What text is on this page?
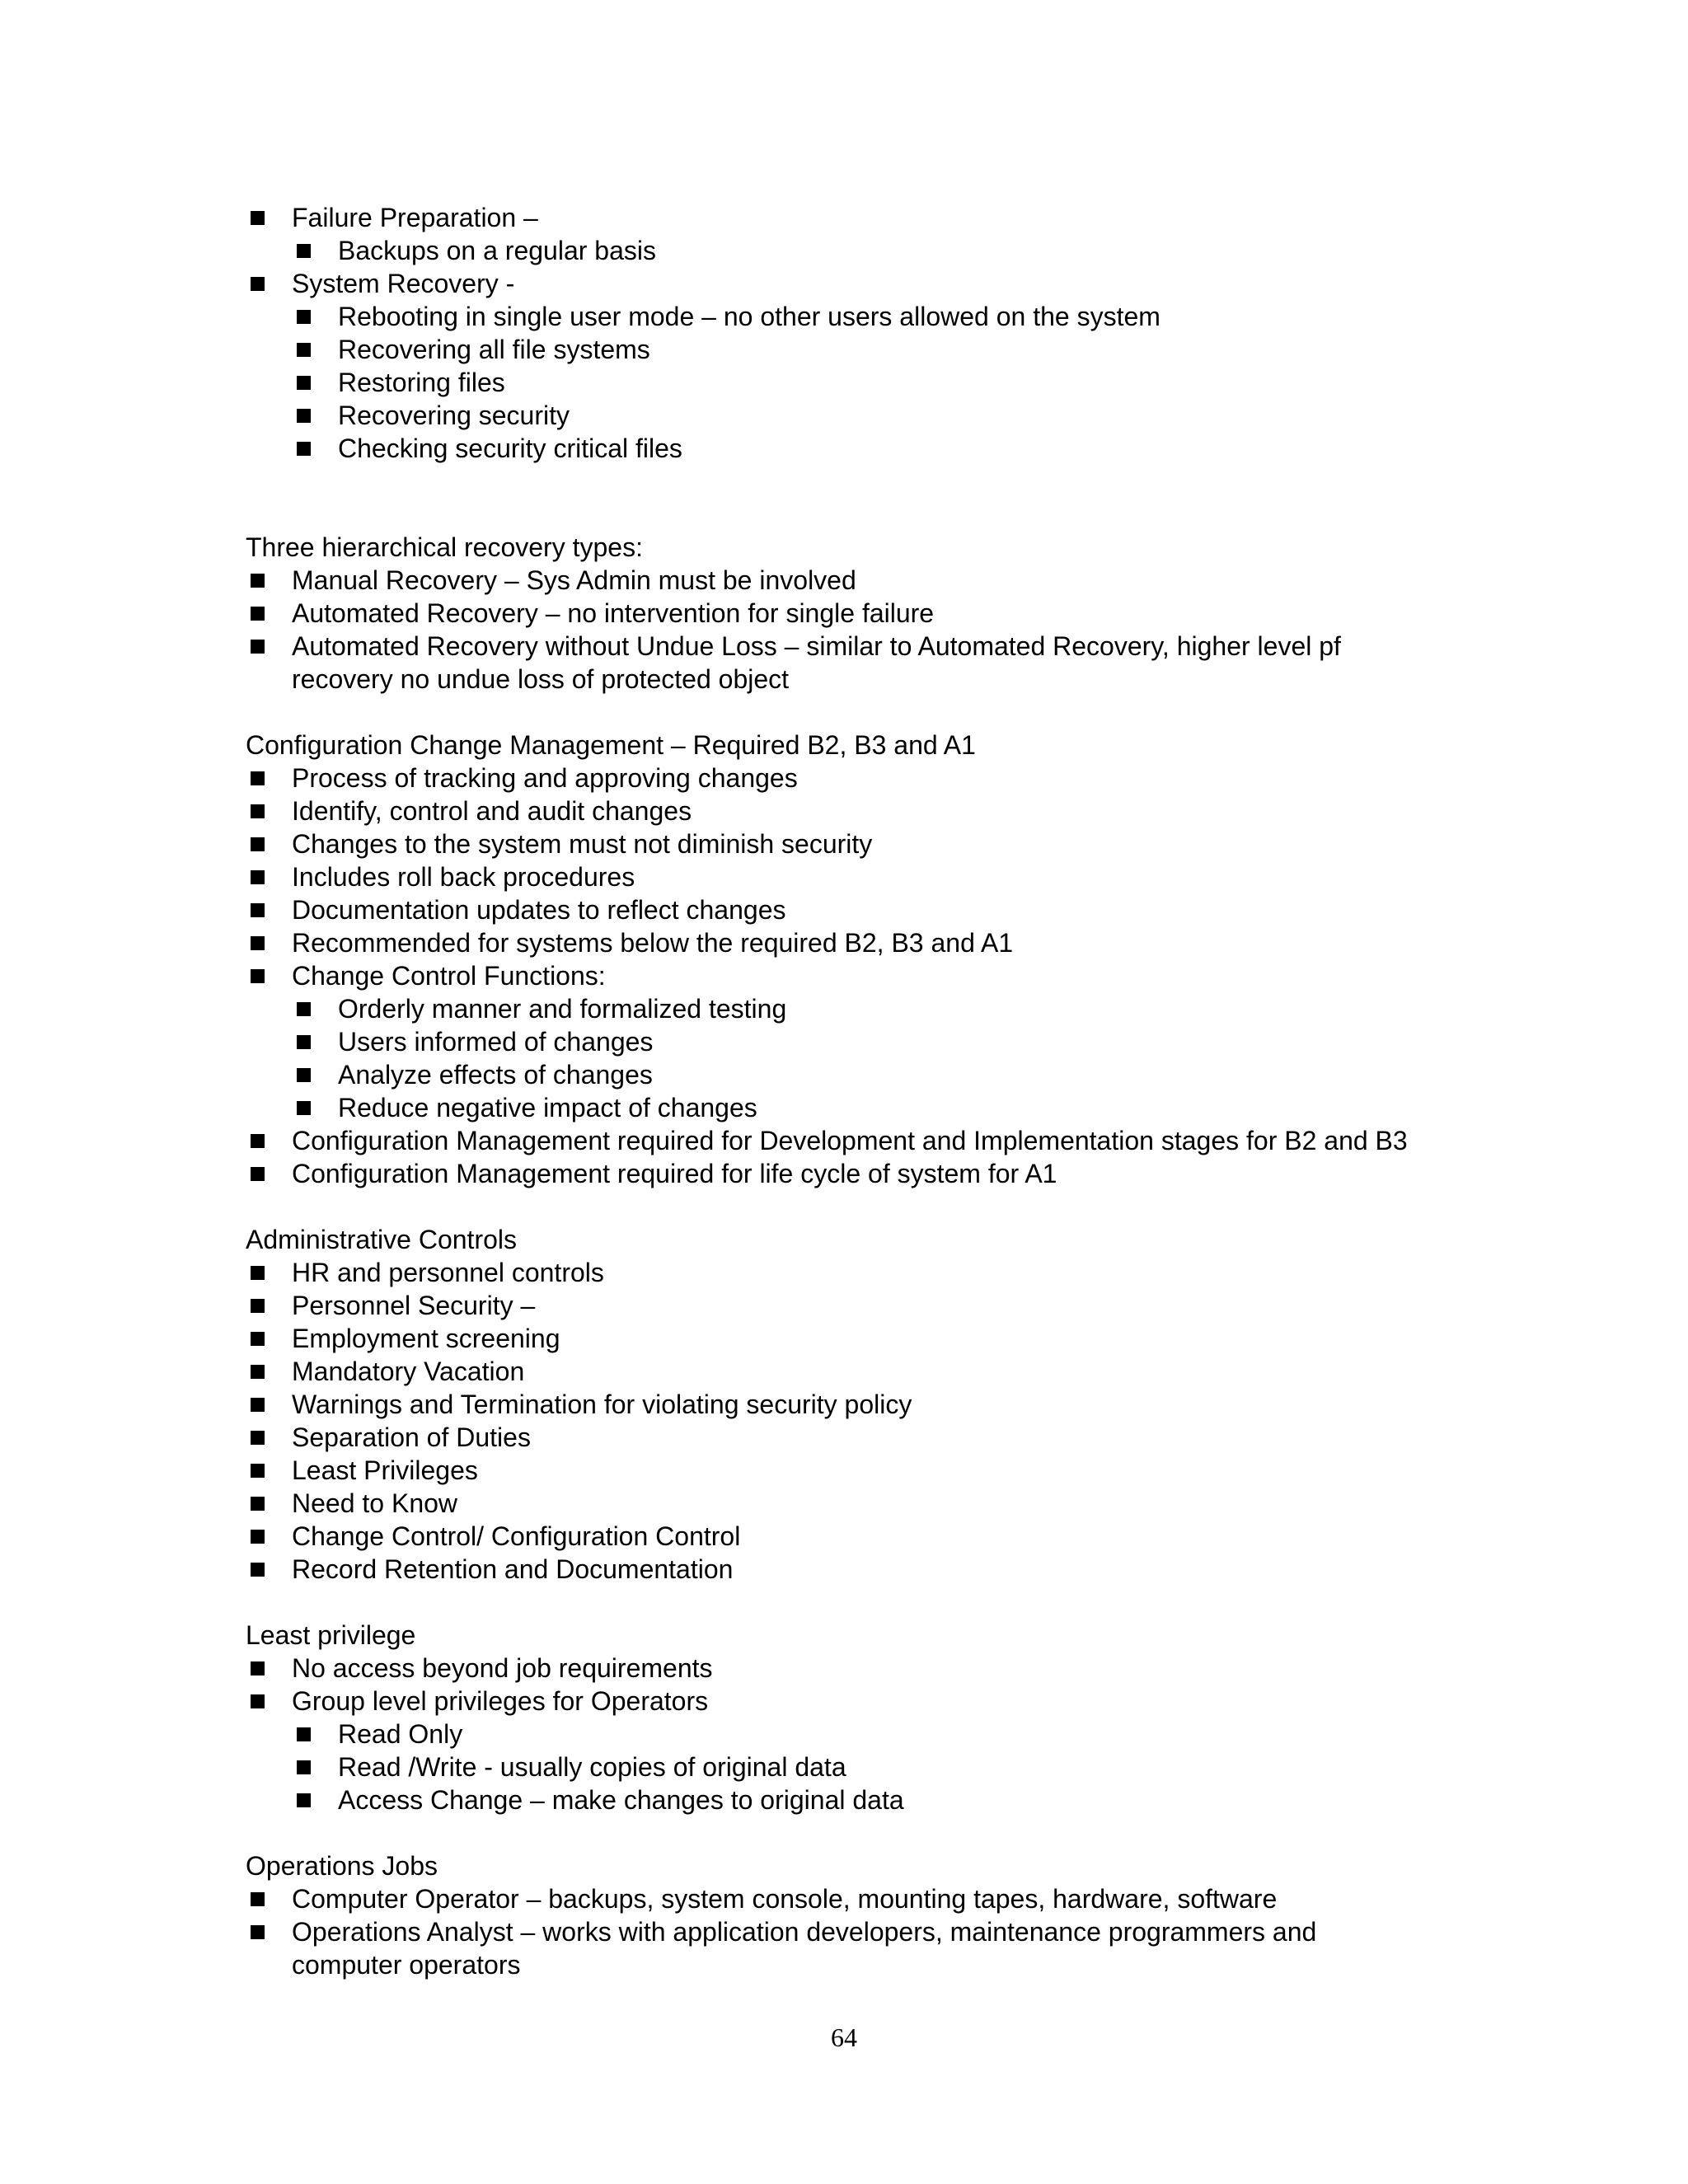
Failure Preparation –
Backups on a regular basis
System Recovery -
Rebooting in single user mode – no other users allowed on the system
Recovering all file systems
Restoring files
Recovering security
Checking security critical files

Three hierarchical recovery types:

Manual Recovery – Sys Admin must be involved
Automated Recovery – no intervention for single failure
Automated Recovery without Undue Loss – similar to Automated Recovery, higher level pf recovery no undue loss of protected object

Configuration Change Management – Required B2, B3 and A1

Process of tracking and approving changes
Identify, control and audit changes
Changes to the system must not diminish security
Includes roll back procedures
Documentation updates to reflect changes
Recommended for systems below the required B2, B3 and A1
Change Control Functions:
Orderly manner and formalized testing
Users informed of changes
Analyze effects of changes
Reduce negative impact of changes
Configuration Management required for Development and Implementation stages for B2 and B3
Configuration Management required for life cycle of system for A1

Administrative Controls

HR and personnel controls
Personnel Security –
Employment screening
Mandatory Vacation
Warnings and Termination for violating security policy
Separation of Duties
Least Privileges
Need to Know
Change Control/ Configuration Control
Record Retention and Documentation

Least privilege

No access beyond job requirements
Group level privileges for Operators
Read Only
Read /Write - usually copies of original data
Access Change – make changes to original data

Operations Jobs

Computer Operator – backups, system console, mounting tapes, hardware, software
Operations Analyst – works with application developers, maintenance programmers and computer operators
64
